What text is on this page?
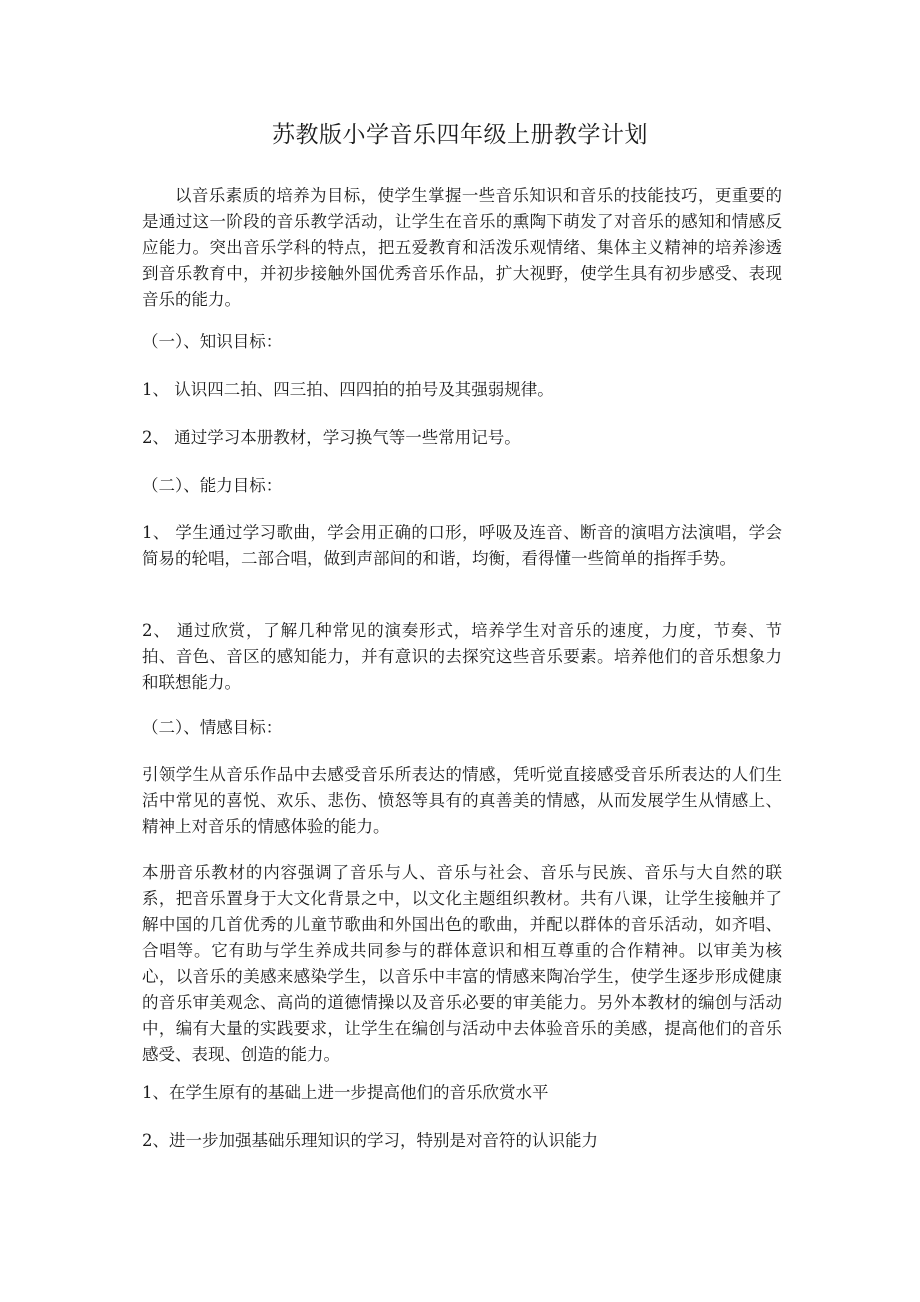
苏教版小学音乐四年级上册教学计划

以音乐素质的培养为目标，使学生掌握一些音乐知识和音乐的技能技巧，更重要的是通过这一阶段的音乐教学活动，让学生在音乐的熏陶下萌发了对音乐的感知和情感反应能力。突出音乐学科的特点，把五爱教育和活泼乐观情绪、集体主义精神的培养渗透到音乐教育中，并初步接触外国优秀音乐作品，扩大视野，使学生具有初步感受、表现音乐的能力。

（一）、知识目标：

1、 认识四二拍、四三拍、四四拍的拍号及其强弱规律。

2、 通过学习本册教材，学习换气等一些常用记号。

（二）、能力目标：

1、 学生通过学习歌曲，学会用正确的口形，呼吸及连音、断音的演唱方法演唱，学会简易的轮唱，二部合唱，做到声部间的和谐，均衡，看得懂一些简单的指挥手势。

2、 通过欣赏，了解几种常见的演奏形式，培养学生对音乐的速度，力度，节奏、节拍、音色、音区的感知能力，并有意识的去探究这些音乐要素。培养他们的音乐想象力和联想能力。

（二）、情感目标：

引领学生从音乐作品中去感受音乐所表达的情感，凭听觉直接感受音乐所表达的人们生活中常见的喜悦、欢乐、悲伤、愤怒等具有的真善美的情感，从而发展学生从情感上、精神上对音乐的情感体验的能力。

本册音乐教材的内容强调了音乐与人、音乐与社会、音乐与民族、音乐与大自然的联系，把音乐置身于大文化背景之中，以文化主题组织教材。共有八课，让学生接触并了解中国的几首优秀的儿童节歌曲和外国出色的歌曲，并配以群体的音乐活动，如齐唱、合唱等。它有助与学生养成共同参与的群体意识和相互尊重的合作精神。以审美为核心，以音乐的美感来感染学生，以音乐中丰富的情感来陶冶学生，使学生逐步形成健康的音乐审美观念、高尚的道德情操以及音乐必要的审美能力。另外本教材的编创与活动中，编有大量的实践要求，让学生在编创与活动中去体验音乐的美感，提高他们的音乐感受、表现、创造的能力。

1、在学生原有的基础上进一步提高他们的音乐欣赏水平

2、进一步加强基础乐理知识的学习，特别是对音符的认识能力
